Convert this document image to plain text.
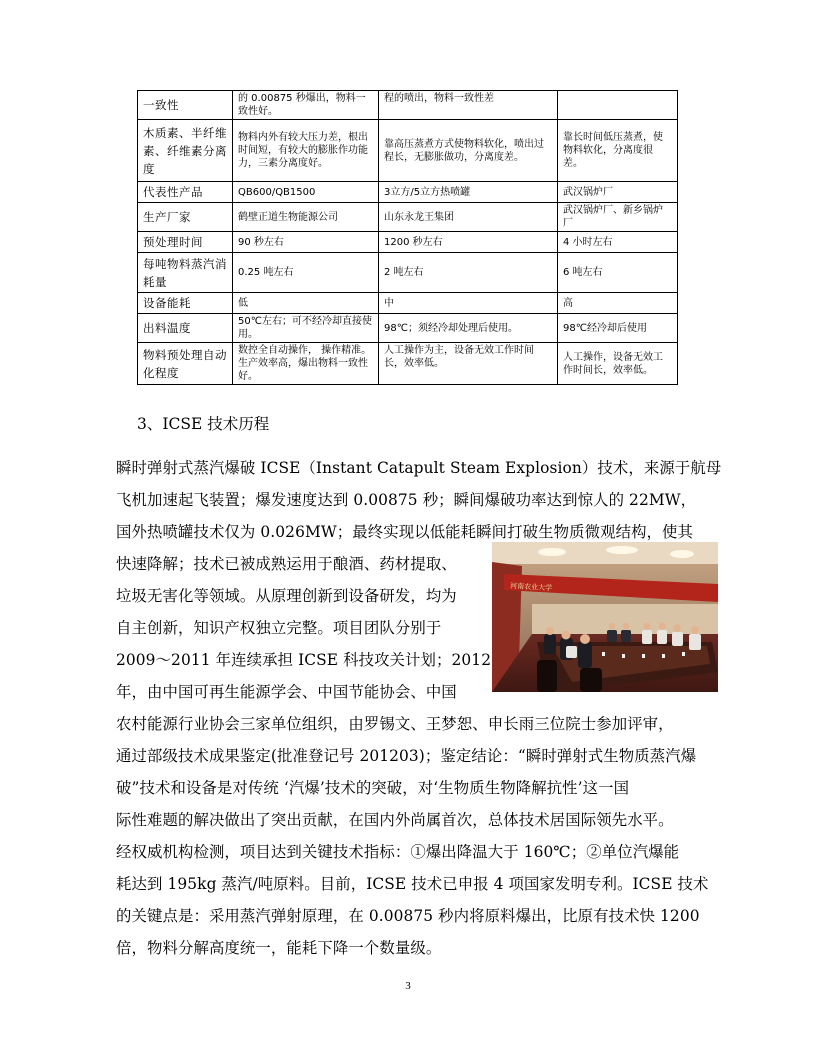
一致性	的 0.00875 秒爆出，物料一致性好。	程的喷出，物料一致性差	
木质素、半纤维素、纤维素分离度	物料内外有较大压力差，根出时间短，有较大的膨胀作功能力，三素分离度好。	靠高压蒸煮方式使物料软化，喷出过程长，无膨胀做功，分离度差。	靠长时间低压蒸煮，使物料软化，分离度很差。
代表性产品	QB600/QB1500	3立方/5立方热喷罐	武汉锅炉厂
生产厂家	鹤壁正道生物能源公司	山东永龙王集团	武汉锅炉厂、新乡锅炉厂
预处理时间	90 秒左右	1200 秒左右	4 小时左右
每吨物料蒸汽消耗量	0.25 吨左右	2 吨左右	6 吨左右
设备能耗	低	中	高
出料温度	50℃左右；可不经冷却直接使用。	98℃；须经冷却处理后使用。	98℃经冷却后使用
物料预处理自动化程度	数控全自动操作， 操作精准。生产效率高，爆出物料一致性好。	人工操作为主，设备无效工作时间长，效率低。	人工操作，设备无效工作时间长，效率低。
3、ICSE 技术历程

瞬时弹射式蒸汽爆破 ICSE（Instant Catapult Steam Explosion）技术，来源于航母

飞机加速起飞装置；爆发速度达到 0.00875 秒；瞬间爆破功率达到惊人的 22MW，

国外热喷罐技术仅为 0.026MW；最终实现以低能耗瞬间打破生物质微观结构，使其

快速降解；技术已被成熟运用于酿酒、药材提取、

垃圾无害化等领域。从原理创新到设备研发，均为

自主创新，知识产权独立完整。项目团队分别于

2009～2011 年连续承担 ICSE 科技攻关计划；2012

年，由中国可再生能源学会、中国节能协会、中国

农村能源行业协会三家单位组织，由罗锡文、王梦恕、申长雨三位院士参加评审，

通过部级技术成果鉴定(批准登记号 201203)；鉴定结论：“瞬时弹射式生物质蒸汽爆

破”技术和设备是对传统 ‘汽爆’技术的突破，对‘生物质生物降解抗性’这一国

际性难题的解决做出了突出贡献，在国内外尚属首次，总体技术居国际领先水平。

经权威机构检测，项目达到关键技术指标：①爆出降温大于 160℃；②单位汽爆能

耗达到 195kg 蒸汽/吨原料。目前，ICSE 技术已申报 4 项国家发明专利。ICSE 技术

的关键点是：采用蒸汽弹射原理，在 0.00875 秒内将原料爆出，比原有技术快 1200

倍，物料分解高度统一，能耗下降一个数量级。

河南农业大学
3
